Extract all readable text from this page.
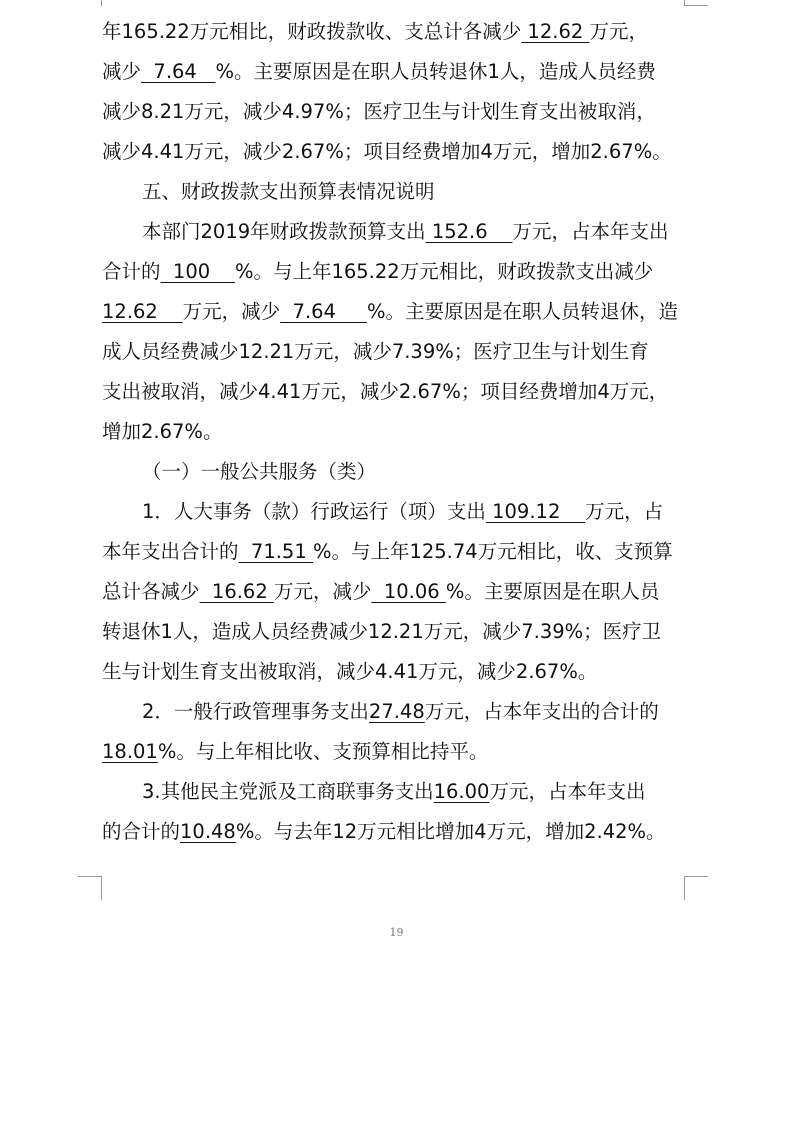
年165.22万元相比，财政拨款收、支总计各减少 12.62 万元，
减少  7.64   %。主要原因是在职人员转退休1人，造成人员经费
减少8.21万元，减少4.97%；医疗卫生与计划生育支出被取消，
减少4.41万元，减少2.67%；项目经费增加4万元，增加2.67%。
五、财政拨款支出预算表情况说明
本部门2019年财政拨款预算支出 152.6    万元，占本年支出
合计的  100    %。与上年165.22万元相比，财政拨款支出减少
12.62    万元，减少  7.64     %。主要原因是在职人员转退休，造
成人员经费减少12.21万元，减少7.39%；医疗卫生与计划生育
支出被取消，减少4.41万元，减少2.67%；项目经费增加4万元，
增加2.67%。
（一）一般公共服务（类）
1．人大事务（款）行政运行（项）支出 109.12    万元，占
本年支出合计的  71.51 %。与上年125.74万元相比，收、支预算
总计各减少  16.62 万元，减少  10.06 %。主要原因是在职人员
转退休1人，造成人员经费减少12.21万元，减少7.39%；医疗卫
生与计划生育支出被取消，减少4.41万元，减少2.67%。
2．一般行政管理事务支出27.48万元，占本年支出的合计的
18.01%。与上年相比收、支预算相比持平。
3.其他民主党派及工商联事务支出16.00万元，占本年支出
的合计的10.48%。与去年12万元相比增加4万元，增加2.42%。
19
